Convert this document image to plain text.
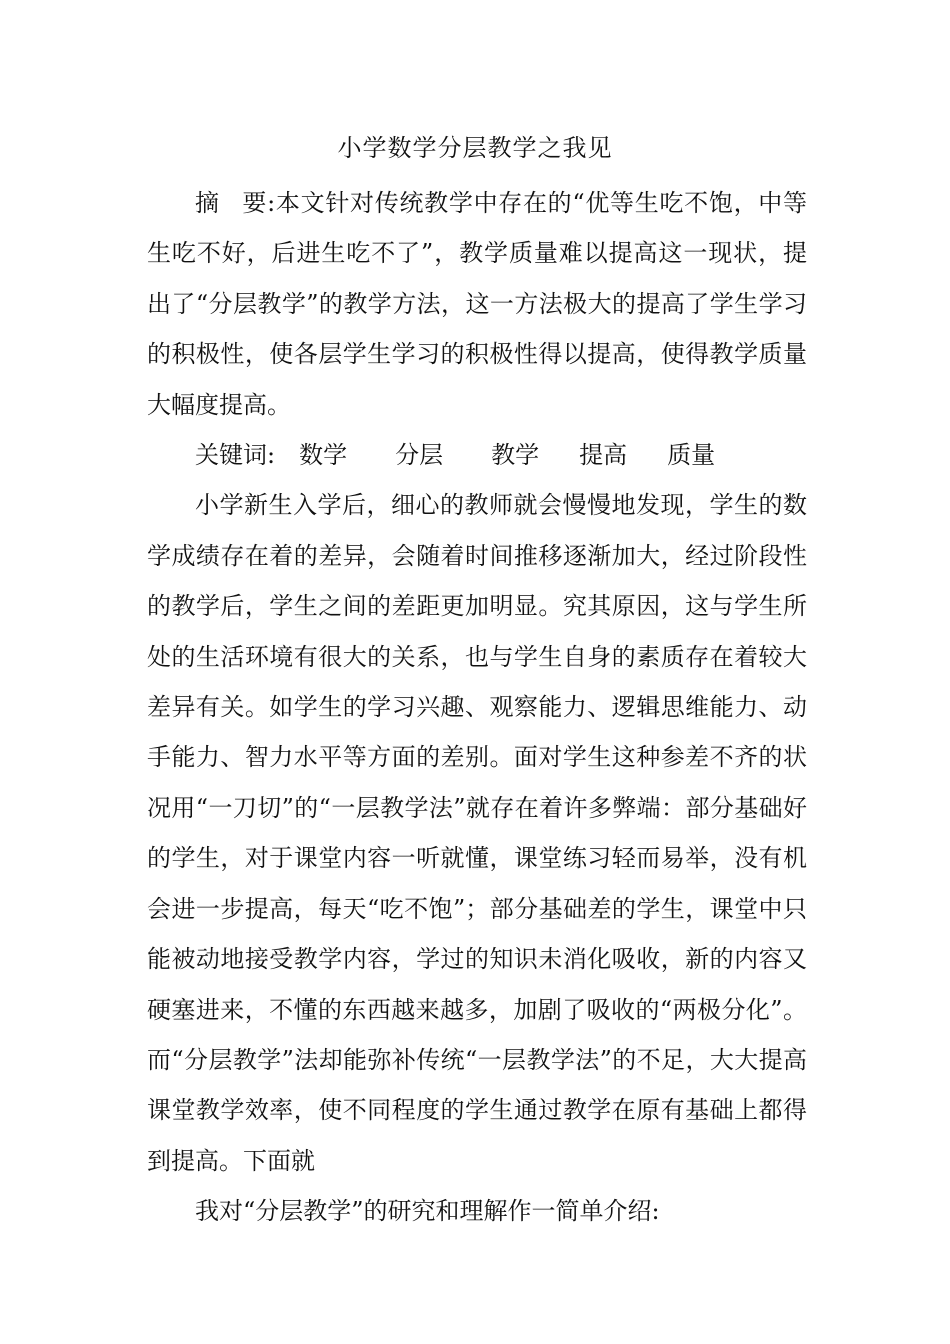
小学数学分层教学之我见

摘 要:本文针对传统教学中存在的“优等生吃不饱，中等生吃不好，后进生吃不了”，教学质量难以提高这一现状，提出了“分层教学”的教学方法，这一方法极大的提高了学生学习的积极性，使各层学生学习的积极性得以提高，使得教学质量大幅度提高。

关键词: 数学 分层 教学 提高 质量

小学新生入学后，细心的教师就会慢慢地发现，学生的数学成绩存在着的差异，会随着时间推移逐渐加大，经过阶段性的教学后，学生之间的差距更加明显。究其原因，这与学生所处的生活环境有很大的关系，也与学生自身的素质存在着较大差异有关。如学生的学习兴趣、观察能力、逻辑思维能力、动手能力、智力水平等方面的差别。面对学生这种参差不齐的状况用“一刀切”的“一层教学法”就存在着许多弊端：部分基础好的学生，对于课堂内容一听就懂，课堂练习轻而易举，没有机会进一步提高，每天“吃不饱”；部分基础差的学生，课堂中只能被动地接受教学内容，学过的知识未消化吸收，新的内容又硬塞进来，不懂的东西越来越多，加剧了吸收的“两极分化”。而“分层教学”法却能弥补传统“一层教学法”的不足，大大提高课堂教学效率，使不同程度的学生通过教学在原有基础上都得到提高。下面就

我对“分层教学”的研究和理解作一简单介绍:
